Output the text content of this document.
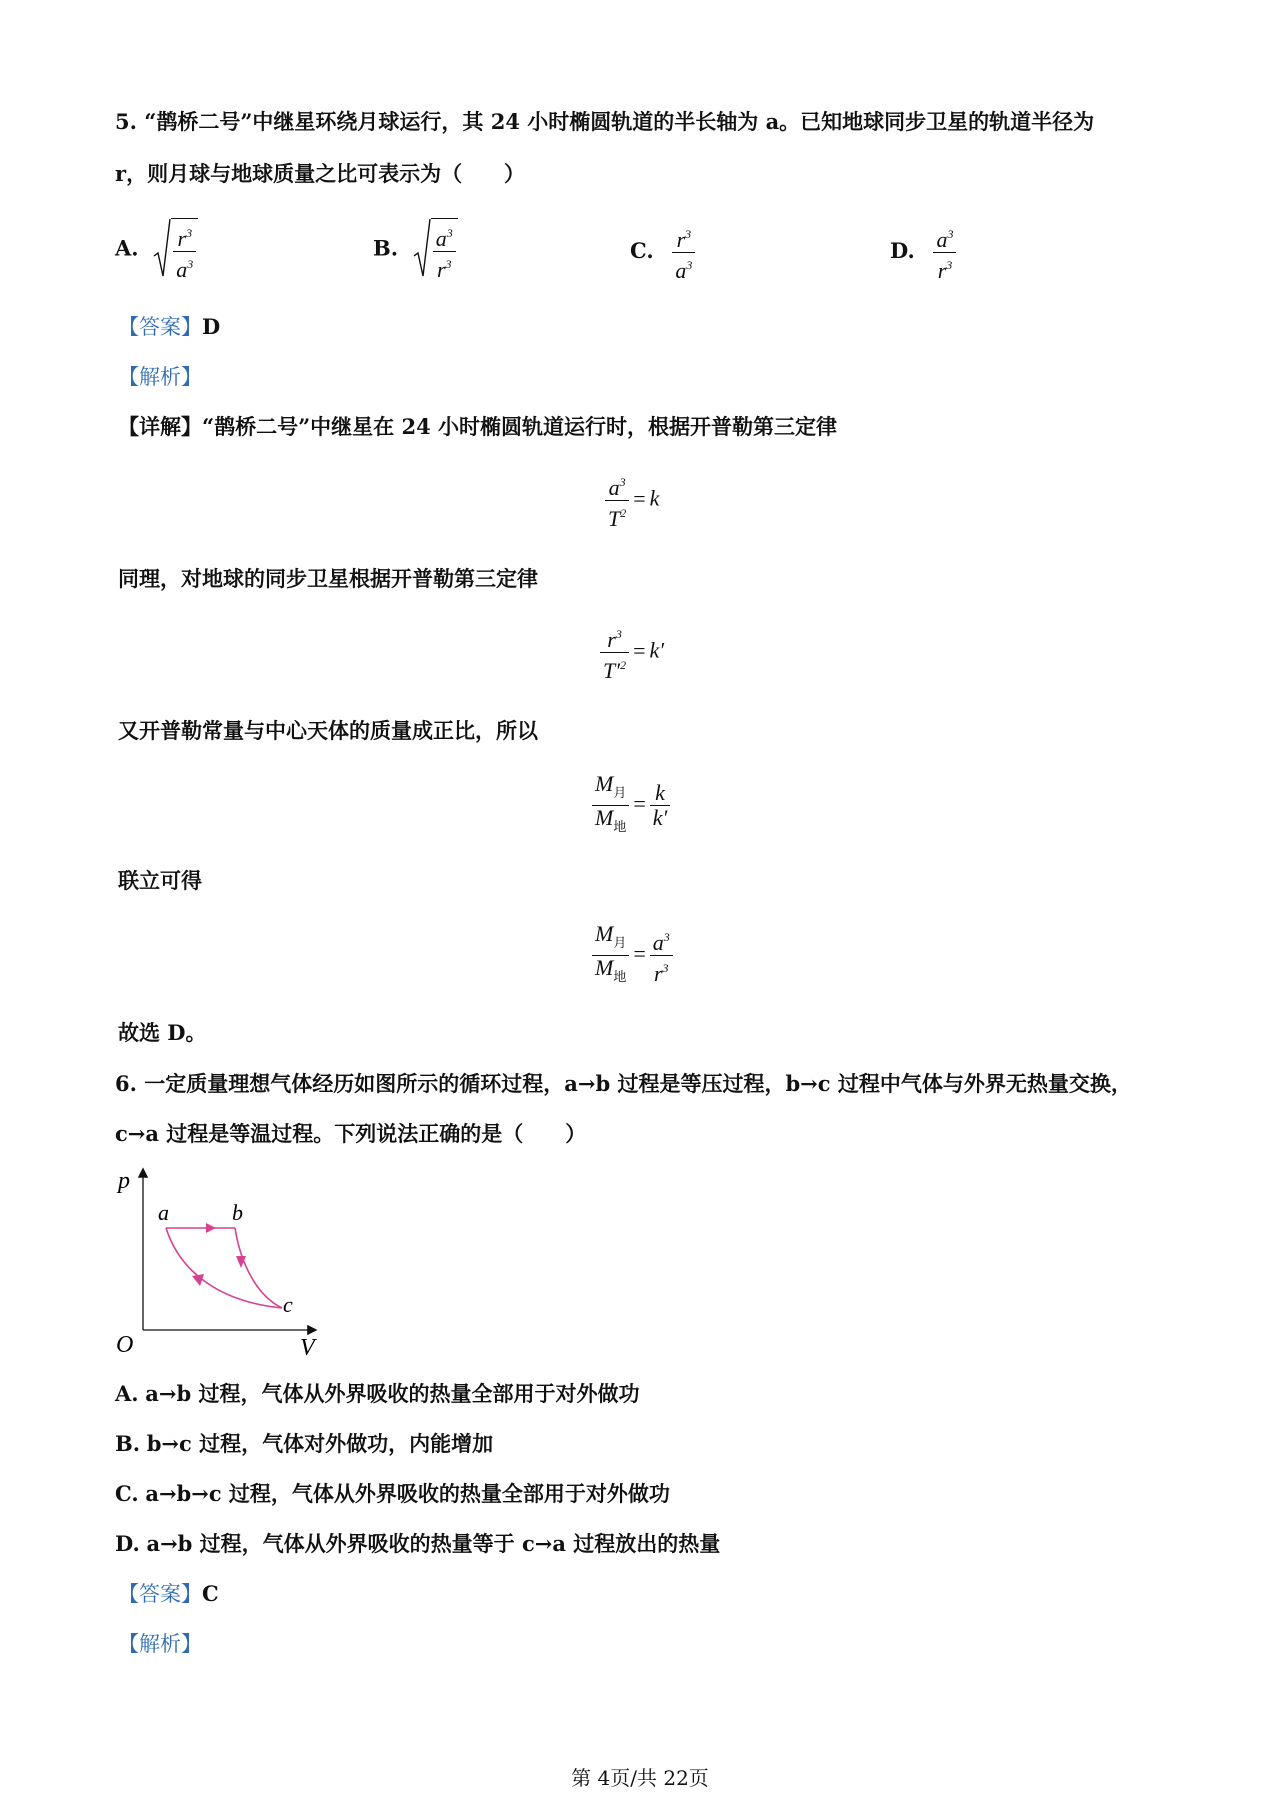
5. “鹊桥二号”中继星环绕月球运行，其 24 小时椭圆轨道的半长轴为 a。已知地球同步卫星的轨道半径为
r，则月球与地球质量之比可表示为（　　）
A. $\frac{r^3}{a^3}$	B. $\frac{a^3}{r^3}$	C. $\frac{r^3}{a^3}$	D. $\frac{a^3}{r^3}$
【答案】D
【解析】
【详解】“鹊桥二号”中继星在 24 小时椭圆轨道运行时，根据开普勒第三定律
$\frac{a^3}{T^2} = k$
同理，对地球的同步卫星根据开普勒第三定律
$\frac{r^3}{T'^2} = k'$
又开普勒常量与中心天体的质量成正比，所以
$\frac{M_月}{M_地} = \frac{k}{k'}$
联立可得
$\frac{M_月}{M_地} = \frac{a^3}{r^3}$
故选 D。
6. 一定质量理想气体经历如图所示的循环过程，a→b 过程是等压过程，b→c 过程中气体与外界无热量交换，
c→a 过程是等温过程。下列说法正确的是（　　）
p
V
O
a	b
c
A. a→b 过程，气体从外界吸收的热量全部用于对外做功
B. b→c 过程，气体对外做功，内能增加
C. a→b→c 过程，气体从外界吸收的热量全部用于对外做功
D. a→b 过程，气体从外界吸收的热量等于 c→a 过程放出的热量
【答案】C
【解析】
第 4页/共 22页
